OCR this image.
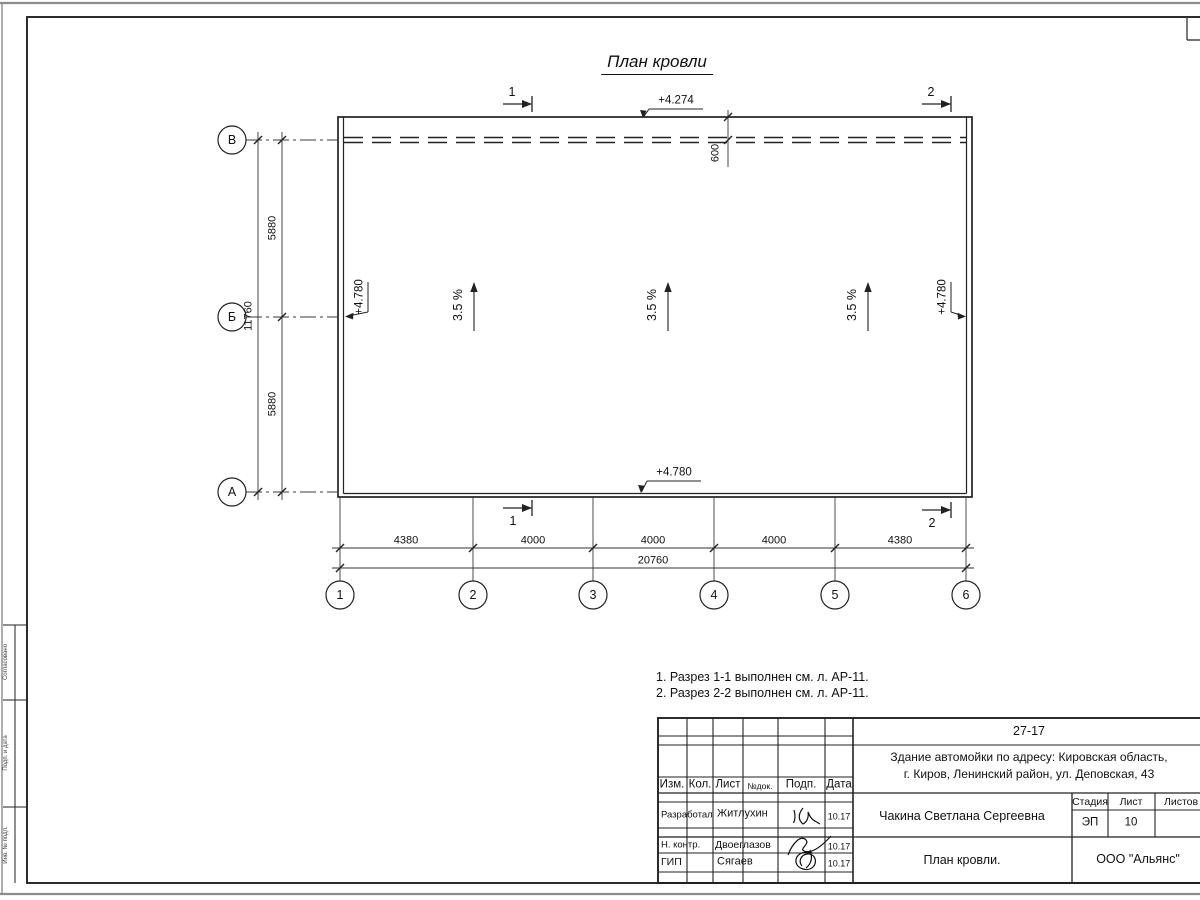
План кровли
+4.274
+4.780
+4.780	+4.780
3.5 %	3.5 %	3.5 %
600
1	2
1	2
В
Б
А
1	2	3	4	5	6
5880
5880
11760
4380	4000	4000	4000	4380
20760
1. Разрез 1-1 выполнен см. л. АР-11.
2. Разрез 2-2 выполнен см. л. АР-11.
27-17
Здание автомойки по адресу: Кировская область,
г. Киров, Ленинский район, ул. Деповская, 43
Изм. Кол. Лист №док. Подп. Дата
Разработал Житлухин	10.17
Н. контр. Двоеглазов	10.17
ГИП	Сягаев	10.17
Чакина Светлана Сергеевна
План кровли.	ООО "Альянс"
Стадия Лист Листов
ЭП 10
Согласовано
Подп. и дата
Инв. № подл.
